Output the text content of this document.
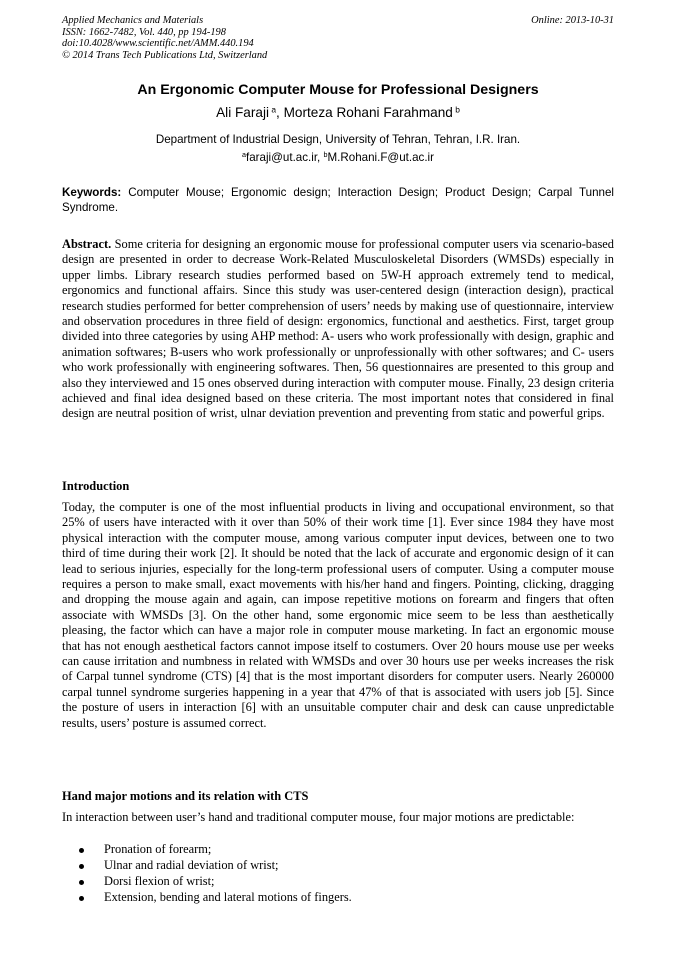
Applied Mechanics and Materials
ISSN: 1662-7482, Vol. 440, pp 194-198
doi:10.4028/www.scientific.net/AMM.440.194
© 2014 Trans Tech Publications Ltd, Switzerland
Online: 2013-10-31
An Ergonomic Computer Mouse for Professional Designers
Ali Faraji $^a$, Morteza Rohani Farahmand $^b$
Department of Industrial Design, University of Tehran, Tehran, I.R. Iran.
$^a$faraji@ut.ac.ir, $^b$M.Rohani.F@ut.ac.ir
Keywords: Computer Mouse; Ergonomic design; Interaction Design; Product Design; Carpal Tunnel Syndrome.
Abstract. Some criteria for designing an ergonomic mouse for professional computer users via scenario-based design are presented in order to decrease Work-Related Musculoskeletal Disorders (WMSDs) especially in upper limbs. Library research studies performed based on 5W-H approach extremely tend to medical, ergonomics and functional affairs. Since this study was user-centered design (interaction design), practical research studies performed for better comprehension of users’ needs by making use of questionnaire, interview and observation procedures in three field of design: ergonomics, functional and aesthetics. First, target group divided into three categories by using AHP method: A- users who work professionally with design, graphic and animation softwares; B-users who work professionally or unprofessionally with other softwares; and C- users who work professionally with engineering softwares. Then, 56 questionnaires are presented to this group and also they interviewed and 15 ones observed during interaction with computer mouse. Finally, 23 design criteria achieved and final idea designed based on these criteria. The most important notes that considered in final design are neutral position of wrist, ulnar deviation prevention and preventing from static and powerful grips.
Introduction
Today, the computer is one of the most influential products in living and occupational environment, so that 25% of users have interacted with it over than 50% of their work time [1]. Ever since 1984 they have most physical interaction with the computer mouse, among various computer input devices, between one to two third of time during their work [2]. It should be noted that the lack of accurate and ergonomic design of it can lead to serious injuries, especially for the long-term professional users of computer. Using a computer mouse requires a person to make small, exact movements with his/her hand and fingers. Pointing, clicking, dragging and dropping the mouse again and again, can impose repetitive motions on forearm and fingers that often associate with WMSDs [3]. On the other hand, some ergonomic mice seem to be less than aesthetically pleasing, the factor which can have a major role in computer mouse marketing. In fact an ergonomic mouse that has not enough aesthetical factors cannot impose itself to costumers. Over 20 hours mouse use per weeks can cause irritation and numbness in related with WMSDs and over 30 hours use per weeks increases the risk of Carpal tunnel syndrome (CTS) [4] that is the most important disorders for computer users. Nearly 260000 carpal tunnel syndrome surgeries happening in a year that 47% of that is associated with users job [5]. Since the posture of users in interaction [6] with an unsuitable computer chair and desk can cause unpredictable results, users’ posture is assumed correct.
Hand major motions and its relation with CTS
In interaction between user’s hand and traditional computer mouse, four major motions are predictable:
Pronation of forearm;
Ulnar and radial deviation of wrist;
Dorsi flexion of wrist;
Extension, bending and lateral motions of fingers.
